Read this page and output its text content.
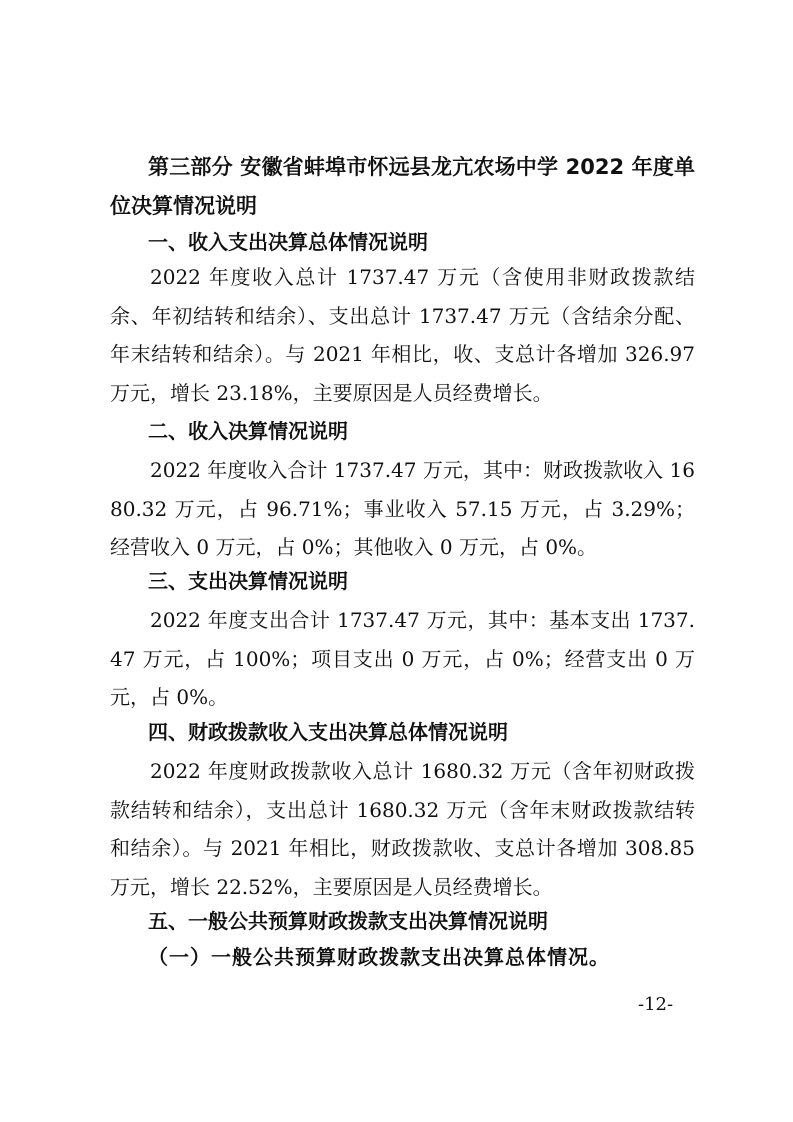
第三部分 安徽省蚌埠市怀远县龙亢农场中学 2022 年度单位决算情况说明
一、收入支出决算总体情况说明
2022 年度收入总计 1737.47 万元（含使用非财政拨款结余、年初结转和结余）、支出总计 1737.47 万元（含结余分配、年末结转和结余）。与 2021 年相比，收、支总计各增加 326.97 万元，增长 23.18%，主要原因是人员经费增长。
二、收入决算情况说明
2022 年度收入合计 1737.47 万元，其中：财政拨款收入 1680.32 万元，占 96.71%；事业收入 57.15 万元，占 3.29%；经营收入 0 万元，占 0%；其他收入 0 万元，占 0%。
三、支出决算情况说明
2022 年度支出合计 1737.47 万元，其中：基本支出 1737.47 万元，占 100%；项目支出 0 万元，占 0%；经营支出 0 万元，占 0%。
四、财政拨款收入支出决算总体情况说明
2022 年度财政拨款收入总计 1680.32 万元（含年初财政拨款结转和结余），支出总计 1680.32 万元（含年末财政拨款结转和结余）。与 2021 年相比，财政拨款收、支总计各增加 308.85 万元，增长 22.52%，主要原因是人员经费增长。
五、一般公共预算财政拨款支出决算情况说明
（一）一般公共预算财政拨款支出决算总体情况。
-12-
